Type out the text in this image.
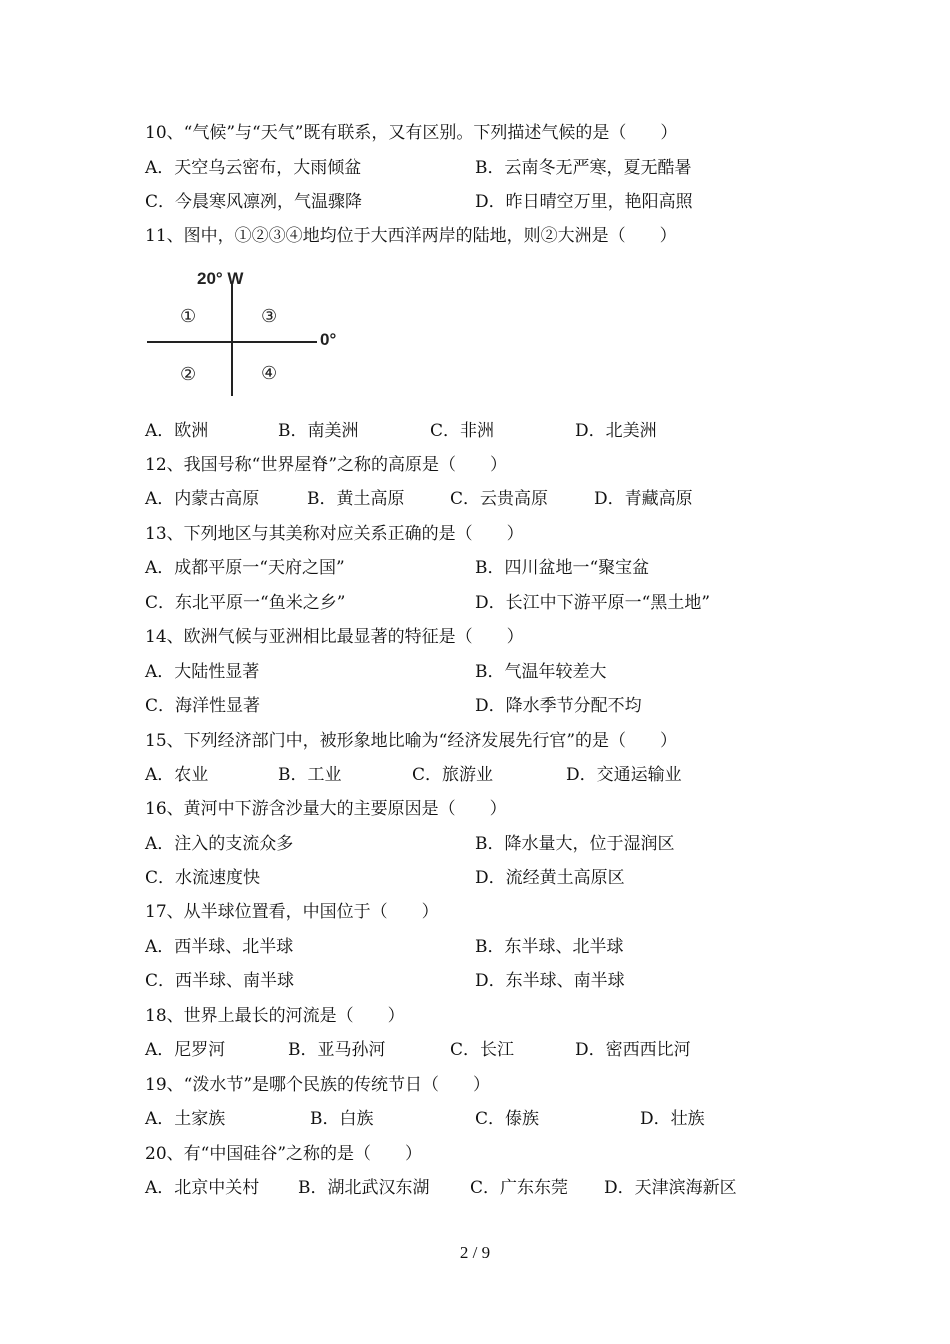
10、“气候”与“天气”既有联系，又有区别。下列描述气候的是（　　）
A．天空乌云密布，大雨倾盆	B．云南冬无严寒，夏无酷暑
C．今晨寒风凛冽，气温骤降	D．昨日晴空万里，艳阳高照
11、图中，①②③④地均位于大西洋两岸的陆地，则②大洲是（　　）
20° W
0°
①
②
③
④
A．欧洲	B．南美洲	C．非洲	D．北美洲
12、我国号称“世界屋脊”之称的高原是（　　）
A．内蒙古高原	B．黄土高原	C．云贵高原	D．青藏高原
13、下列地区与其美称对应关系正确的是（　　）
A．成都平原一“天府之国”	B．四川盆地一“聚宝盆
C．东北平原一“鱼米之乡”	D．长江中下游平原一“黑土地”
14、欧洲气候与亚洲相比最显著的特征是（　　）
A．大陆性显著	B．气温年较差大
C．海洋性显著	D．降水季节分配不均
15、下列经济部门中，被形象地比喻为“经济发展先行官”的是（　　）
A．农业	B．工业	C．旅游业	D．交通运输业
16、黄河中下游含沙量大的主要原因是（　　）
A．注入的支流众多	B．降水量大，位于湿润区
C．水流速度快	D．流经黄土高原区
17、从半球位置看，中国位于（　　）
A．西半球、北半球	B．东半球、北半球
C．西半球、南半球	D．东半球、南半球
18、世界上最长的河流是（　　）
A．尼罗河	B．亚马孙河	C．长江	D．密西西比河
19、“泼水节”是哪个民族的传统节日（　　）
A．土家族	B．白族	C．傣族	D．壮族
20、有“中国硅谷”之称的是（　　）
A．北京中关村 B．湖北武汉东湖 C．广东东莞 D．天津滨海新区
2 / 9
